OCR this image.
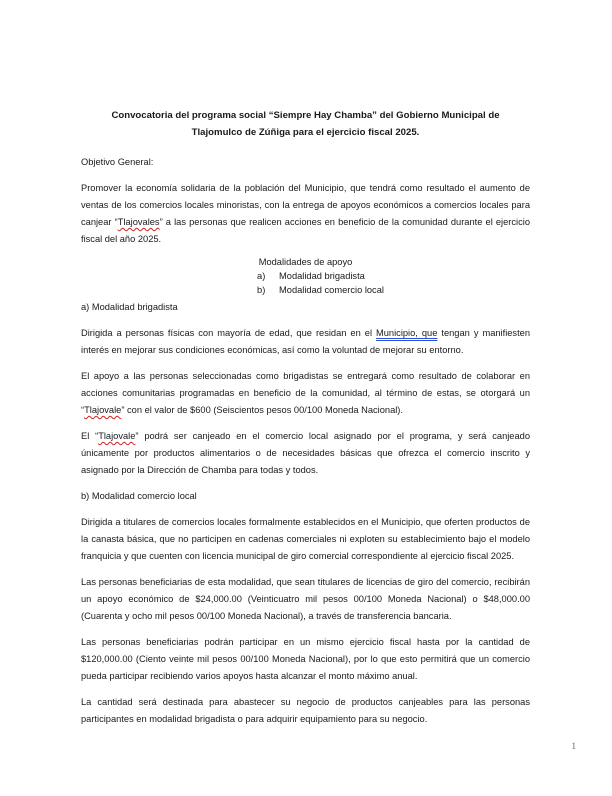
Convocatoria del programa social “Siempre Hay Chamba” del Gobierno Municipal de
Tlajomulco de Zúñiga para el ejercicio fiscal 2025.

Objetivo General:

Promover la economía solidaria de la población del Municipio, que tendrá como resultado el aumento de ventas de los comercios locales minoristas, con la entrega de apoyos económicos a comercios locales para canjear “Tlajovales” a las personas que realicen acciones en beneficio de la comunidad durante el ejercicio fiscal del año 2025.

Modalidades de apoyo
a) Modalidad brigadista
b) Modalidad comercio local

a) Modalidad brigadista

Dirigida a personas físicas con mayoría de edad, que residan en el Municipio, que tengan y manifiesten interés en mejorar sus condiciones económicas, así como la voluntad de mejorar su entorno.

El apoyo a las personas seleccionadas como brigadistas se entregará como resultado de colaborar en acciones comunitarias programadas en beneficio de la comunidad, al término de estas, se otorgará un “Tlajovale” con el valor de $600 (Seiscientos pesos 00/100 Moneda Nacional).

El “Tlajovale” podrá ser canjeado en el comercio local asignado por el programa, y será canjeado únicamente por productos alimentarios o de necesidades básicas que ofrezca el comercio inscrito y asignado por la Dirección de Chamba para todas y todos.

b) Modalidad comercio local

Dirigida a titulares de comercios locales formalmente establecidos en el Municipio, que oferten productos de la canasta básica, que no participen en cadenas comerciales ni exploten su establecimiento bajo el modelo franquicia y que cuenten con licencia municipal de giro comercial correspondiente al ejercicio fiscal 2025.

Las personas beneficiarias de esta modalidad, que sean titulares de licencias de giro del comercio, recibirán un apoyo económico de $24,000.00 (Veinticuatro mil pesos 00/100 Moneda Nacional) o $48,000.00 (Cuarenta y ocho mil pesos 00/100 Moneda Nacional), a través de transferencia bancaria.

Las personas beneficiarias podrán participar en un mismo ejercicio fiscal hasta por la cantidad de $120,000.00 (Ciento veinte mil pesos 00/100 Moneda Nacional), por lo que esto permitirá que un comercio pueda participar recibiendo varios apoyos hasta alcanzar el monto máximo anual.

La cantidad será destinada para abastecer su negocio de productos canjeables para las personas participantes en modalidad brigadista o para adquirir equipamiento para su negocio.

1
